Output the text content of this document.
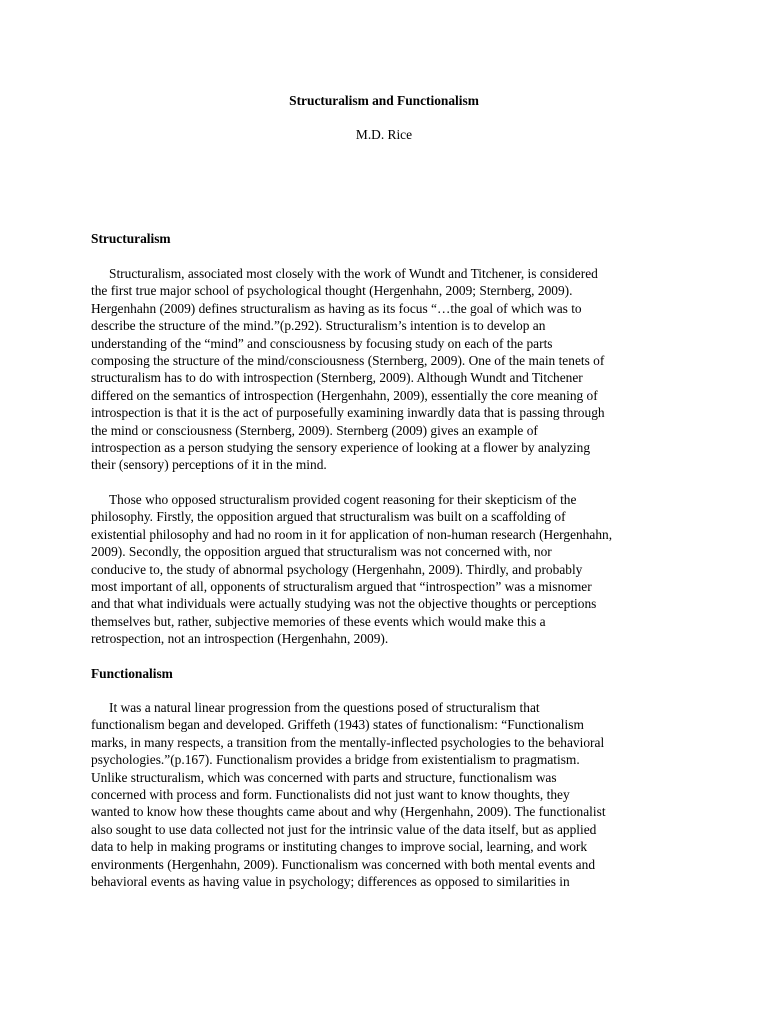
Structuralism and Functionalism

M.D. Rice

Structuralism
Structuralism, associated most closely with the work of Wundt and Titchener, is considered
the first true major school of psychological thought (Hergenhahn, 2009; Sternberg, 2009).
Hergenhahn (2009) defines structuralism as having as its focus “…the goal of which was to
describe the structure of the mind.”(p.292). Structuralism’s intention is to develop an
understanding of the “mind” and consciousness by focusing study on each of the parts
composing the structure of the mind/consciousness (Sternberg, 2009). One of the main tenets of
structuralism has to do with introspection (Sternberg, 2009). Although Wundt and Titchener
differed on the semantics of introspection (Hergenhahn, 2009), essentially the core meaning of
introspection is that it is the act of purposefully examining inwardly data that is passing through
the mind or consciousness (Sternberg, 2009). Sternberg (2009) gives an example of
introspection as a person studying the sensory experience of looking at a flower by analyzing
their (sensory) perceptions of it in the mind.
Those who opposed structuralism provided cogent reasoning for their skepticism of the
philosophy. Firstly, the opposition argued that structuralism was built on a scaffolding of
existential philosophy and had no room in it for application of non-human research (Hergenhahn,
2009). Secondly, the opposition argued that structuralism was not concerned with, nor
conducive to, the study of abnormal psychology (Hergenhahn, 2009). Thirdly, and probably
most important of all, opponents of structuralism argued that “introspection” was a misnomer
and that what individuals were actually studying was not the objective thoughts or perceptions
themselves but, rather, subjective memories of these events which would make this a
retrospection, not an introspection (Hergenhahn, 2009).
Functionalism
It was a natural linear progression from the questions posed of structuralism that
functionalism began and developed. Griffeth (1943) states of functionalism: “Functionalism
marks, in many respects, a transition from the mentally-inflected psychologies to the behavioral
psychologies.”(p.167). Functionalism provides a bridge from existentialism to pragmatism.
Unlike structuralism, which was concerned with parts and structure, functionalism was
concerned with process and form. Functionalists did not just want to know thoughts, they
wanted to know how these thoughts came about and why (Hergenhahn, 2009). The functionalist
also sought to use data collected not just for the intrinsic value of the data itself, but as applied
data to help in making programs or instituting changes to improve social, learning, and work
environments (Hergenhahn, 2009). Functionalism was concerned with both mental events and
behavioral events as having value in psychology; differences as opposed to similarities in
